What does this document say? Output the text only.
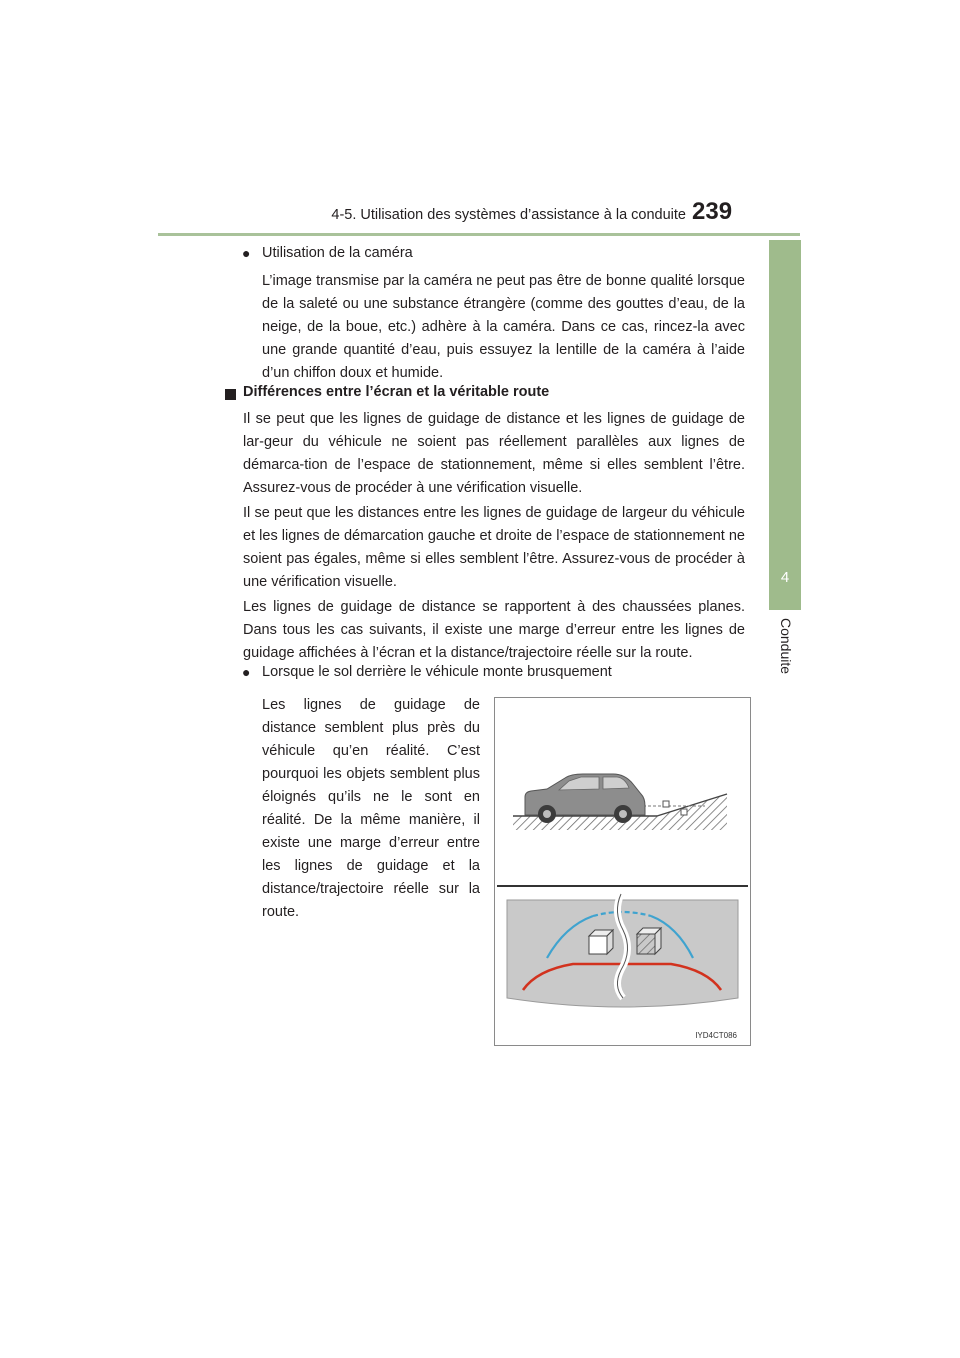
4-5. Utilisation des systèmes d’assistance à la conduite 239
4
Conduite
● Utilisation de la caméra

L’image transmise par la caméra ne peut pas être de bonne qualité lorsque de la saleté ou une substance étrangère (comme des gouttes d’eau, de la neige, de la boue, etc.) adhère à la caméra. Dans ce cas, rincez-la avec une grande quantité d’eau, puis essuyez la lentille de la caméra à l’aide d’un chiffon doux et humide.

Différences entre l’écran et la véritable route

Il se peut que les lignes de guidage de distance et les lignes de guidage de lar-geur du véhicule ne soient pas réellement parallèles aux lignes de démarca-tion de l’espace de stationnement, même si elles semblent l’être. Assurez-vous de procéder à une vérification visuelle.

Il se peut que les distances entre les lignes de guidage de largeur du véhicule et les lignes de démarcation gauche et droite de l’espace de stationnement ne soient pas égales, même si elles semblent l’être. Assurez-vous de procéder à une vérification visuelle.

Les lignes de guidage de distance se rapportent à des chaussées planes. Dans tous les cas suivants, il existe une marge d’erreur entre les lignes de guidage affichées à l’écran et la distance/trajectoire réelle sur la route.

● Lorsque le sol derrière le véhicule monte brusquement

Les lignes de guidage de distance semblent plus près du véhicule qu’en réalité. C’est pourquoi les objets semblent plus éloignés qu’ils ne le sont en réalité. De la même manière, il existe une marge d’erreur entre les lignes de guidage et la distance/trajectoire réelle sur la route.

IYD4CT086
